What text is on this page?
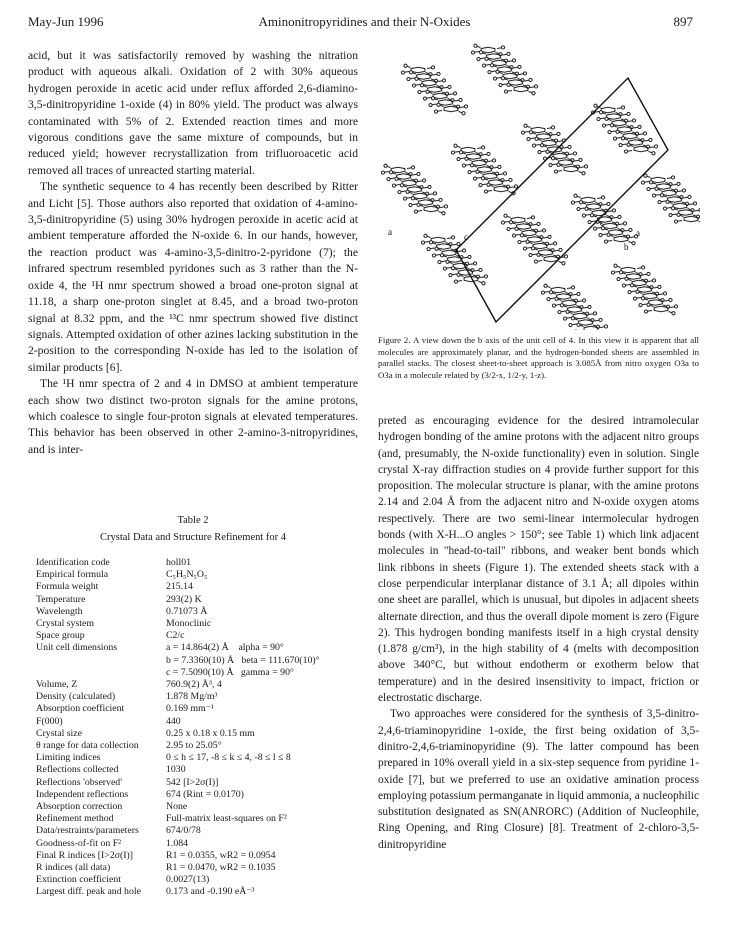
May-Jun 1996	Aminonitropyridines and their N-Oxides	897

acid, but it was satisfactorily removed by washing the nitration product with aqueous alkali. Oxidation of 2 with 30% aqueous hydrogen peroxide in acetic acid under reflux afforded 2,6-diamino-3,5-dinitropyridine 1-oxide (4) in 80% yield. The product was always contaminated with 5% of 2. Extended reaction times and more vigorous conditions gave the same mixture of compounds, but in reduced yield; however recrystallization from trifluoroacetic acid removed all traces of unreacted starting material.

The synthetic sequence to 4 has recently been described by Ritter and Licht [5]. Those authors also reported that oxidation of 4-amino-3,5-dinitropyridine (5) using 30% hydrogen peroxide in acetic acid at ambient temperature afforded the N-oxide 6. In our hands, however, the reaction product was 4-amino-3,5-dinitro-2-pyridone (7); the infrared spectrum resembled pyridones such as 3 rather than the N-oxide 4, the ¹H nmr spectrum showed a broad one-proton signal at 11.18, a sharp one-proton singlet at 8.45, and a broad two-proton signal at 8.32 ppm, and the ¹³C nmr spectrum showed five distinct signals. Attempted oxidation of other azines lacking substitution in the 2-position to the corresponding N-oxide has led to the isolation of similar products [6].

The ¹H nmr spectra of 2 and 4 in DMSO at ambient temperature each show two distinct two-proton signals for the amine protons, which coalesce to single four-proton signals at elevated temperatures. This behavior has been observed in other 2-amino-3-nitropyridines, and is inter-

Table 2
Crystal Data and Structure Refinement for 4
Identification code	holl01
Empirical formula	C₅H₅N₅O₅
Formula weight	215.14
Temperature	293(2) K
Wavelength	0.71073 Å
Crystal system	Monoclinic
Space group	C2/c
Unit cell dimensions	a = 14.864(2) Å    alpha = 90°
b = 7.3360(10) Å   beta = 111.670(10)°
c = 7.5090(10) Å   gamma = 90°
Volume, Z	760.9(2) Å³, 4
Density (calculated)	1.878 Mg/m³
Absorption coefficient	0.169 mm⁻¹
F(000)	440
Crystal size	0.25 x 0.18 x 0.15 mm
θ range for data collection	2.95 to 25.05°
Limiting indices	0 ≤ h ≤ 17, -8 ≤ k ≤ 4, -8 ≤ l ≤ 8
Reflections collected	1030
Reflections 'observed'	542 [I>2σ(I)]
Independent reflections	674 (Rint = 0.0170)
Absorption correction	None
Refinement method	Full-matrix least-squares on F²
Data/restraints/parameters	674/0/78
Goodness-of-fit on F²	1.084
Final R indices [I>2σ(I)]	R1 = 0.0355, wR2 = 0.0954
R indices (all data)	R1 = 0.0470, wR2 = 0.1035
Extinction coefficient	0.0027(13)
Largest diff. peak and hole	0.173 and -0.190 eÅ⁻³
a	c	a
c
b
Figure 2. A view down the b axis of the unit cell of 4. In this view it is apparent that all molecules are approximately planar, and the hydrogen-bonded sheets are assembled in parallel stacks. The closest sheet-to-sheet approach is 3.085Å from nitro oxygen O3a to O3a in a molecule related by (3/2-x, 1/2-y, 1-z).

preted as encouraging evidence for the desired intramolecular hydrogen bonding of the amine protons with the adjacent nitro groups (and, presumably, the N-oxide functionality) even in solution. Single crystal X-ray diffraction studies on 4 provide further support for this proposition. The molecular structure is planar, with the amine protons 2.14 and 2.04 Å from the adjacent nitro and N-oxide oxygen atoms respectively. There are two semi-linear intermolecular hydrogen bonds (with X-H...O angles > 150°; see Table 1) which link adjacent molecules in "head-to-tail" ribbons, and weaker bent bonds which link ribbons in sheets (Figure 1). The extended sheets stack with a close perpendicular interplanar distance of 3.1 Å; all dipoles within one sheet are parallel, which is unusual, but dipoles in adjacent sheets alternate direction, and thus the overall dipole moment is zero (Figure 2). This hydrogen bonding manifests itself in a high crystal density (1.878 g/cm³), in the high stability of 4 (melts with decomposition above 340°C, but without endotherm or exotherm below that temperature) and in the desired insensitivity to impact, friction or electrostatic discharge.

Two approaches were considered for the synthesis of 3,5-dinitro-2,4,6-triaminopyridine 1-oxide, the first being oxidation of 3,5-dinitro-2,4,6-triaminopyridine (9). The latter compound has been prepared in 10% overall yield in a six-step sequence from pyridine 1-oxide [7], but we preferred to use an oxidative amination process employing potassium permanganate in liquid ammonia, a nucleophilic substitution designated as SN(ANRORC) (Addition of Nucleophile, Ring Opening, and Ring Closure) [8]. Treatment of 2-chloro-3,5-dinitropyridine
